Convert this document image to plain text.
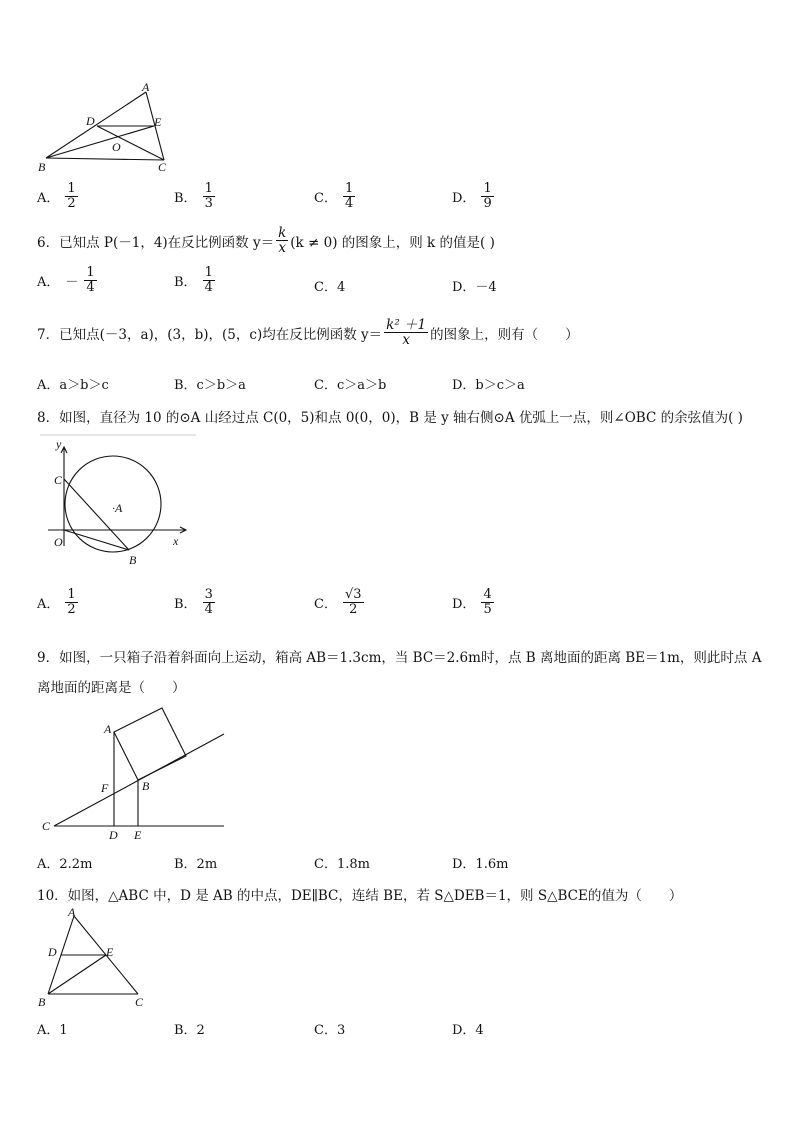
A
D	E
O
B	C
A． $\frac{1}{2}$	B． $\frac{1}{3}$	C． $\frac{1}{4}$	D． $\frac{1}{9}$
6．已知点 P(－1，4)在反比例函数 $y= \frac{k}{x} (k \ne 0)$ 的图象上，则 k 的值是( )
A． － $\frac{1}{4}$	B． $\frac{1}{4}$	C．4	D．－4
7．已知点(－3，a)，(3，b)，(5，c)均在反比例函数 $y= \frac{\text{k² ＋1}}{x}$ 的图象上，则有（　　）
A．a＞b＞c	B．c＞b＞a	C．c＞a＞b	D．b＞c＞a
8．如图，直径为 10 的⊙A 山经过点 C(0，5)和点 0(0，0)，B 是 y 轴右侧⊙A 优弧上一点，则∠OBC 的余弦值为( )
y
C
·A
O	x
B
A． $\frac{1}{2}$	B． $\frac{3}{4}$	C． $\frac{√3}{2}$	D． $\frac{4}{5}$
9．如图，一只箱子沿着斜面向上运动，箱高 AB＝1.3cm，当 BC＝2.6m时，点 B 离地面的距离 BE＝1m，则此时点 A
离地面的距离是（　　）
A
F	B
C
D E
A．2.2m	B．2m	C．1.8m	D．1.6m
10．如图，△ABC 中，D 是 AB 的中点，DE∥BC，连结 BE，若 S△DEB＝1，则 S△BCE的值为（　　）
A
D	E
B	C
A．1	B．2	C．3	D．4
